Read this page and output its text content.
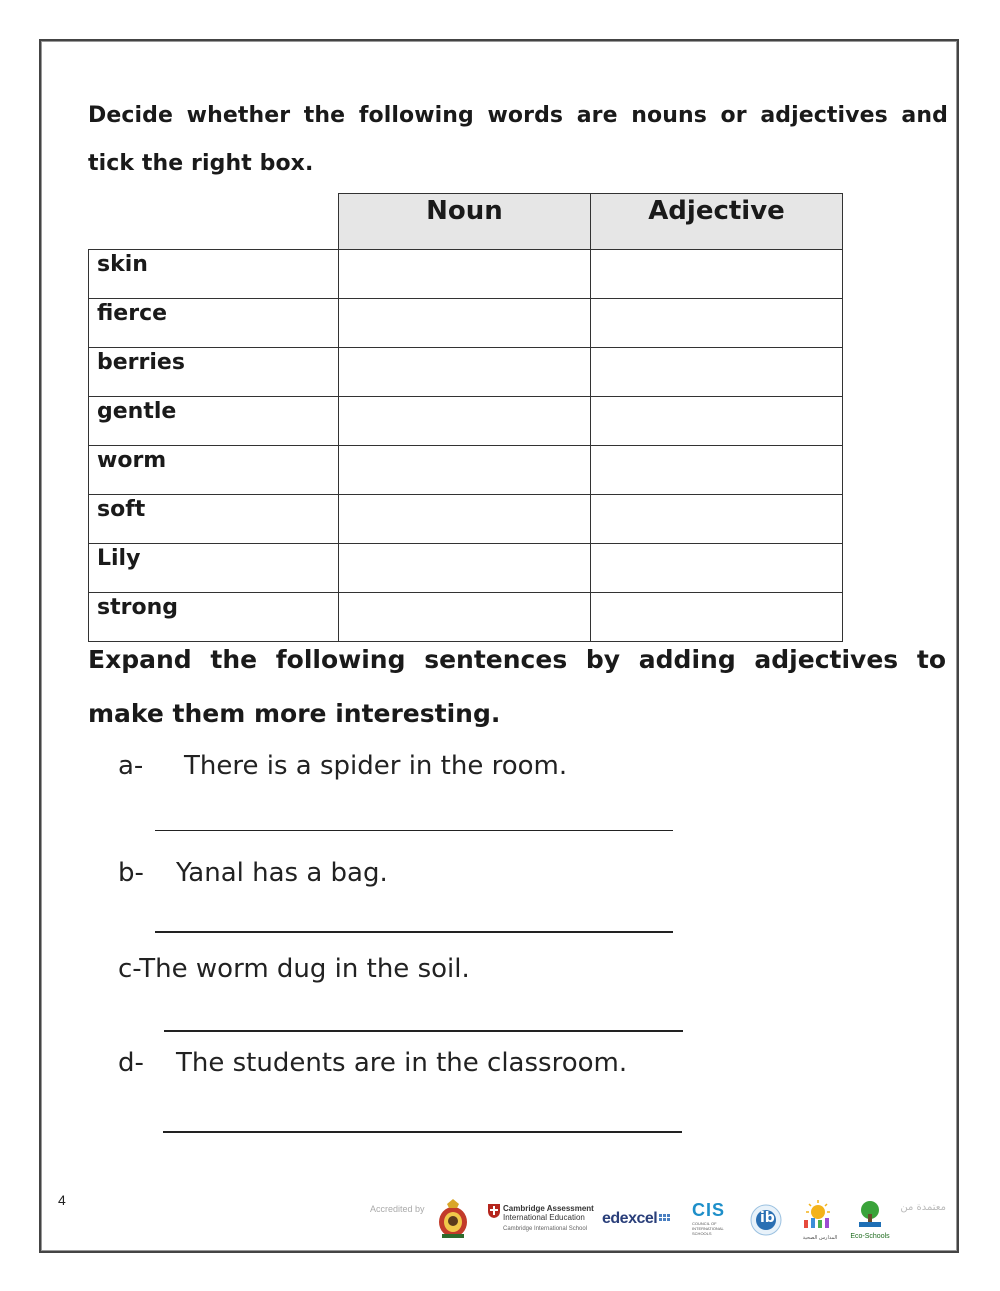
Decide whether the following words are nouns or adjectives and tick the right box.
	Noun	Adjective
skin		
fierce		
berries		
gentle		
worm		
soft		
Lily		
strong		
Expand the following sentences by adding adjectives to
make them more interesting.
a- There is a spider in the room.
b- Yanal has a bag.
c-The worm dug in the soil.
d- The students are in the classroom.
4
Accredited by	Cambridge Assessment
International Education
Cambridge International School
edexcel CIS
COUNCIL OF INTERNATIONAL SCHOOLS
ib
المدارس الصحية	Eco-Schools
معتمدة من
